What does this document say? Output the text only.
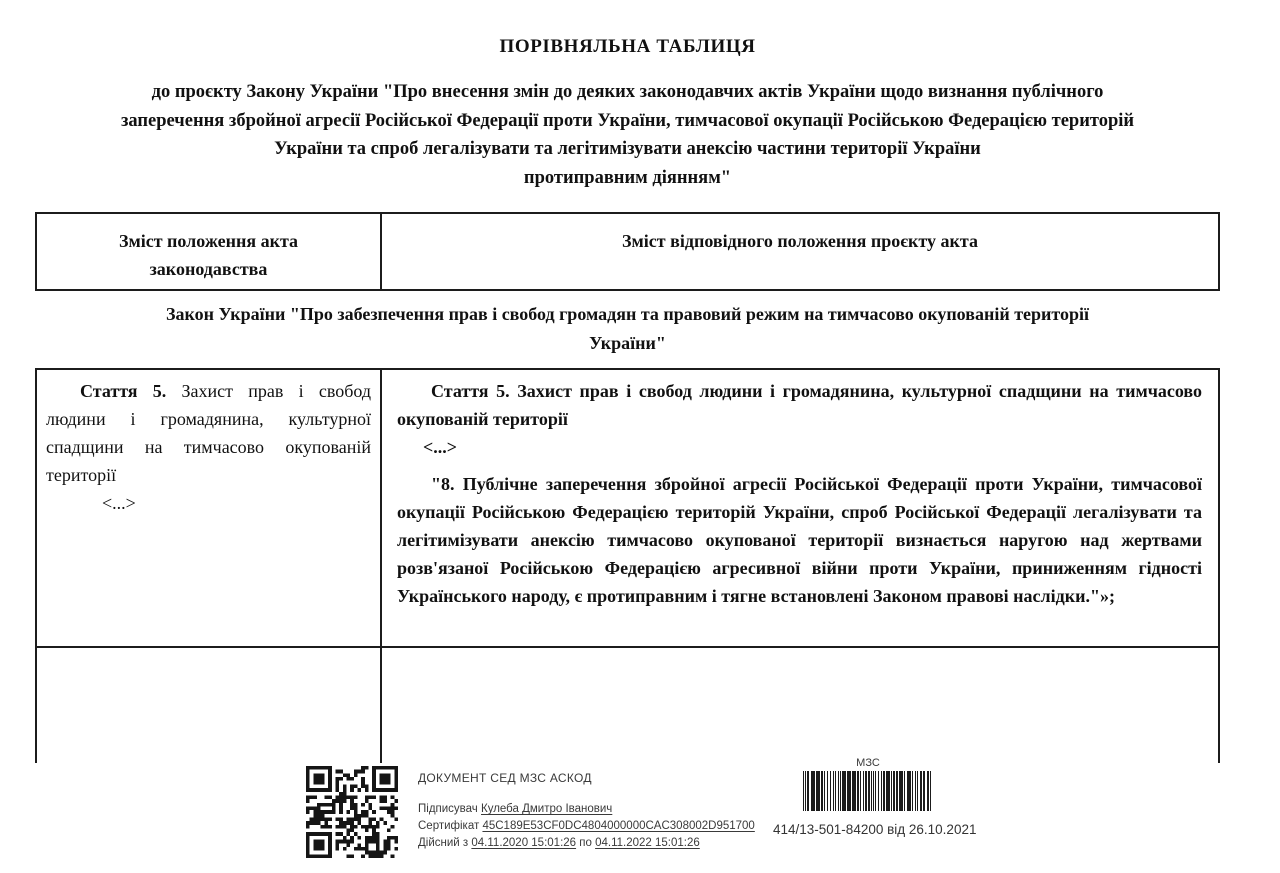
ПОРІВНЯЛЬНА ТАБЛИЦЯ
до проєкту Закону України "Про внесення змін до деяких законодавчих актів України щодо визнання публічного
заперечення збройної агресії Російської Федерації проти України, тимчасової окупації Російською Федерацією територій
України та спроб легалізувати та легітимізувати анексію частини території України
протиправним діянням"
Зміст положення акта законодавства
Зміст відповідного положення проєкту акта
Закон України "Про забезпечення прав і свобод громадян та правовий режим на тимчасово окупованій території
України"
Стаття 5. Захист прав і свобод людини і громадянина, культурної спадщини на тимчасово окупованій території
<...>
Стаття 5. Захист прав і свобод людини і громадянина, культурної спадщини на тимчасово окупованій території
<...>
"8. Публічне заперечення збройної агресії Російської Федерації проти України, тимчасової окупації Російською Федерацією територій України, спроб Російської Федерації легалізувати та легітимізувати анексію тимчасово окупованої території визнається наругою над жертвами розв'язаної Російською Федерацією агресивної війни проти України, приниженням гідності Українського народу, є протиправним і тягне встановлені Законом правові наслідки."»;
ДОКУМЕНТ СЕД МЗС АСКОД
Підписувач Кулеба Дмитро Іванович
Сертифікат 45C189E53CF0DC4804000000CAC308002D951700
Дійсний з 04.11.2020 15:01:26 по 04.11.2022 15:01:26
МЗС
414/13-501-84200 від 26.10.2021
